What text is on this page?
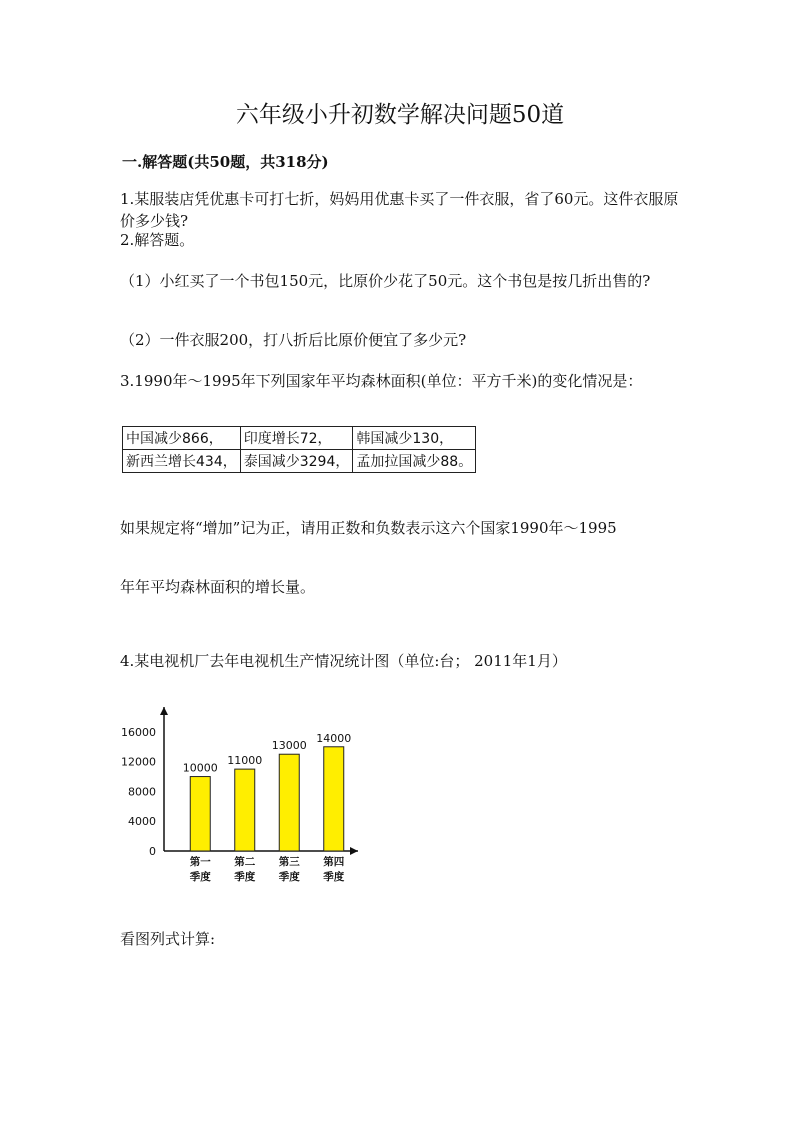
六年级小升初数学解决问题50道
一.解答题(共50题，共318分)
1.某服装店凭优惠卡可打七折，妈妈用优惠卡买了一件衣服，省了60元。这件衣服原价多少钱?
2.解答题。
（1）小红买了一个书包150元，比原价少花了50元。这个书包是按几折出售的?
（2）一件衣服200，打八折后比原价便宜了多少元?
3.1990年～1995年下列国家年平均森林面积(单位：平方千米)的变化情况是：
中国减少866，	印度增长72，	韩国减少130，
新西兰增长434，	泰国减少3294，	孟加拉国减少88。
如果规定将“增加”记为正，请用正数和负数表示这六个国家1990年～1995
年年平均森林面积的增长量。
4.某电视机厂去年电视机生产情况统计图（单位:台； 2011年1月）
0
4000
8000
12000
16000
10000
第一
季度
11000
第二
季度
13000
第三
季度
14000
第四
季度
看图列式计算:
